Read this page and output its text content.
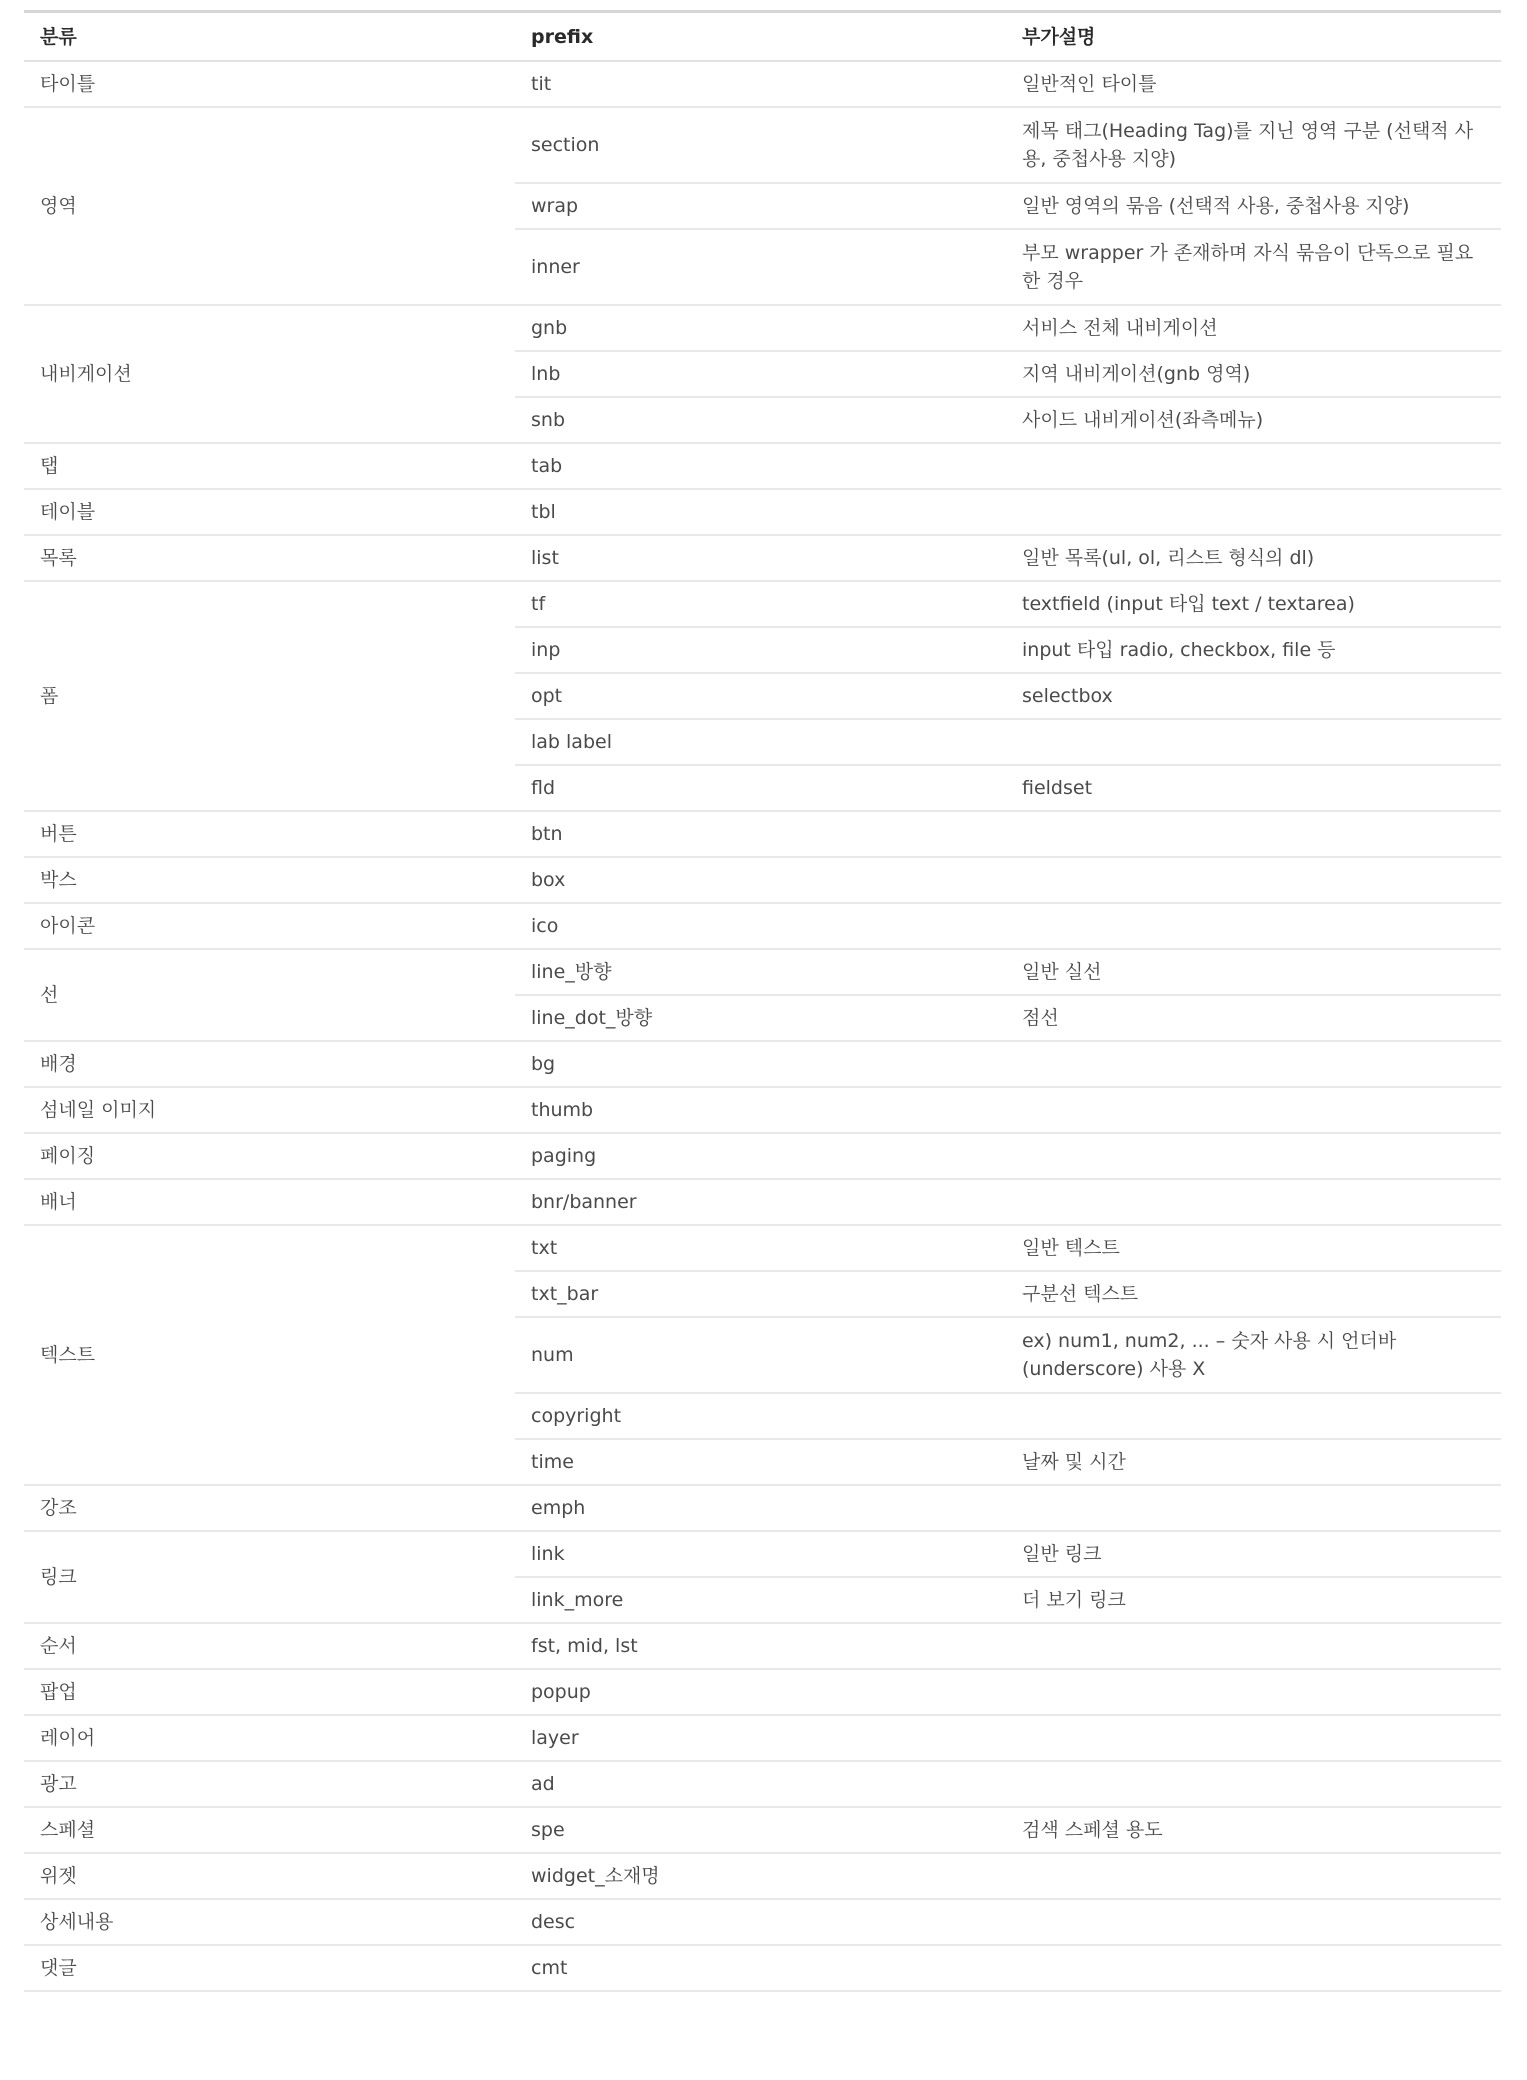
분류	prefix	부가설명
타이틀	tit	일반적인 타이틀
영역	section	제목 태그(Heading Tag)를 지닌 영역 구분 (선택적 사용, 중첩사용 지양)
	wrap	일반 영역의 묶음 (선택적 사용, 중첩사용 지양)
	inner	부모 wrapper 가 존재하며 자식 묶음이 단독으로 필요한 경우
내비게이션	gnb	서비스 전체 내비게이션
	lnb	지역 내비게이션(gnb 영역)
	snb	사이드 내비게이션(좌측메뉴)
탭	tab	
테이블	tbl	
목록	list	일반 목록(ul, ol, 리스트 형식의 dl)
폼	tf	textfield (input 타입 text / textarea)
	inp	input 타입 radio, checkbox, file 등
	opt	selectbox
	lab label	
	fld	fieldset
버튼	btn	
박스	box	
아이콘	ico	
선	line_방향	일반 실선
	line_dot_방향	점선
배경	bg	
섬네일 이미지	thumb	
페이징	paging	
배너	bnr/banner	
텍스트	txt	일반 텍스트
	txt_bar	구분선 텍스트
	num	ex) num1, num2, ... – 숫자 사용 시 언더바(underscore) 사용 X
	copyright	
	time	날짜 및 시간
강조	emph	
링크	link	일반 링크
	link_more	더 보기 링크
순서	fst, mid, lst	
팝업	popup	
레이어	layer	
광고	ad	
스페셜	spe	검색 스페셜 용도
위젯	widget_소재명	
상세내용	desc	
댓글	cmt	
